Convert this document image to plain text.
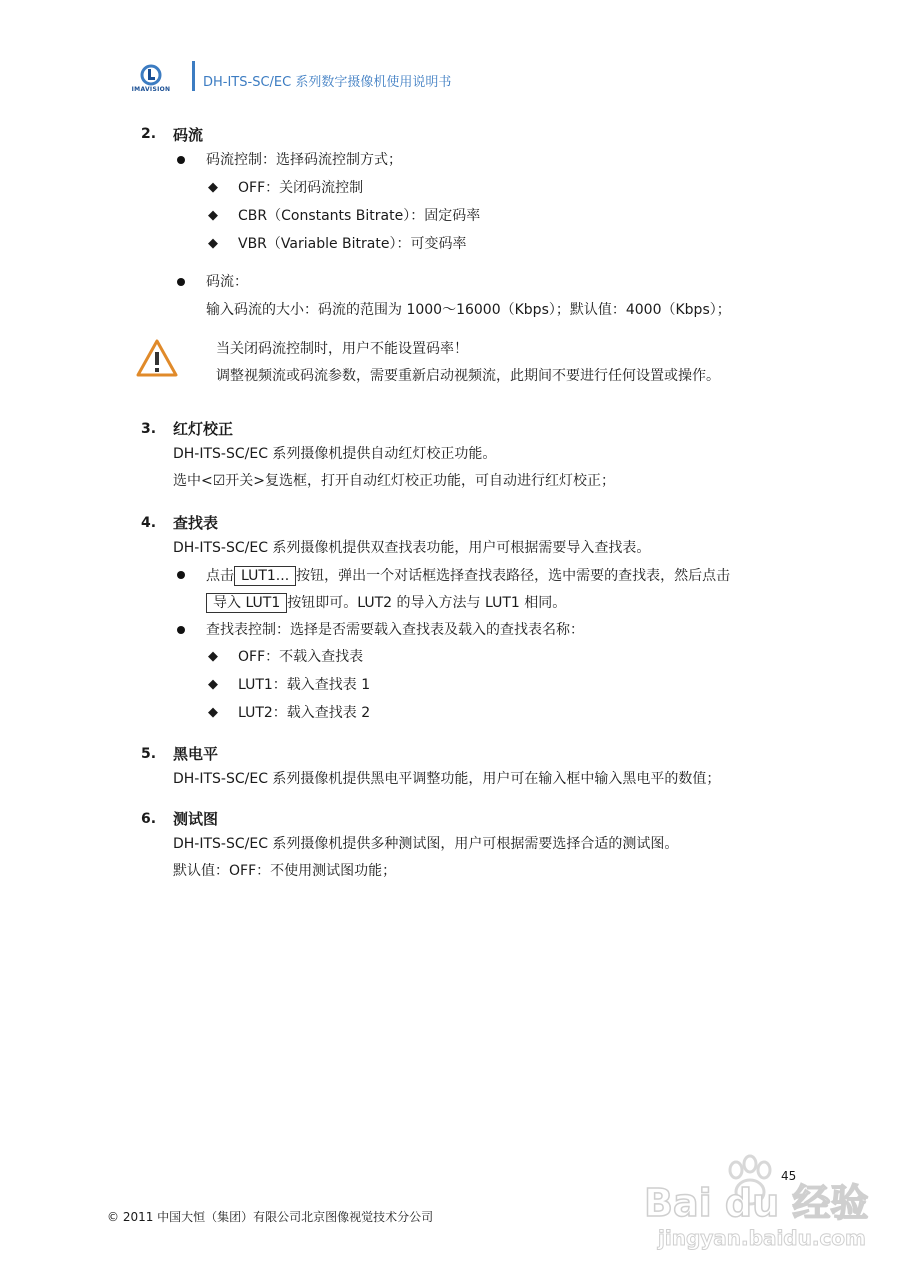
IMAVISION	DH-ITS-SC/EC 系列数字摄像机使用说明书
2. 码流
码流控制：选择码流控制方式；
◆ OFF：关闭码流控制
◆ CBR（Constants Bitrate）：固定码率
◆ VBR（Variable Bitrate）：可变码率
码流：
输入码流的大小：码流的范围为 1000～16000（Kbps）；默认值：4000（Kbps）；
当关闭码流控制时，用户不能设置码率！
调整视频流或码流参数，需要重新启动视频流，此期间不要进行任何设置或操作。
3. 红灯校正
DH-ITS-SC/EC 系列摄像机提供自动红灯校正功能。
选中<☑开关>复选框，打开自动红灯校正功能，可自动进行红灯校正；
4. 查找表
DH-ITS-SC/EC 系列摄像机提供双查找表功能，用户可根据需要导入查找表。
点击 LUT1... 按钮，弹出一个对话框选择查找表路径，选中需要的查找表，然后点击
导入 LUT1 按钮即可。LUT2 的导入方法与 LUT1 相同。
查找表控制：选择是否需要载入查找表及载入的查找表名称：
◆ OFF：不载入查找表
◆ LUT1：载入查找表 1
◆ LUT2：载入查找表 2
5. 黑电平
DH-ITS-SC/EC 系列摄像机提供黑电平调整功能，用户可在输入框中输入黑电平的数值；
6. 测试图
DH-ITS-SC/EC 系列摄像机提供多种测试图，用户可根据需要选择合适的测试图。
默认值：OFF：不使用测试图功能；
Bai du 经验
jingyan.baidu.com
45
© 2011 中国大恒（集团）有限公司北京图像视觉技术分公司
